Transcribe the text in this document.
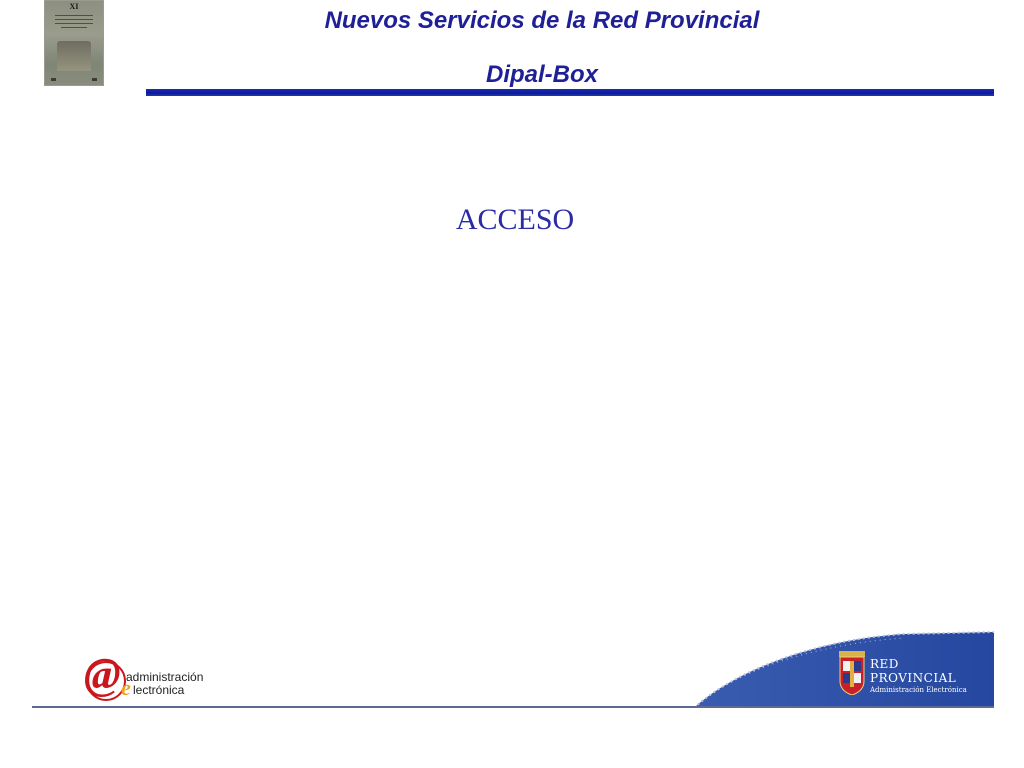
XI
Nuevos Servicios de la Red Provincial
Dipal-Box
ACCESO
@ e
administración
lectrónica
RED
PROVINCIAL
Administración Electrónica
